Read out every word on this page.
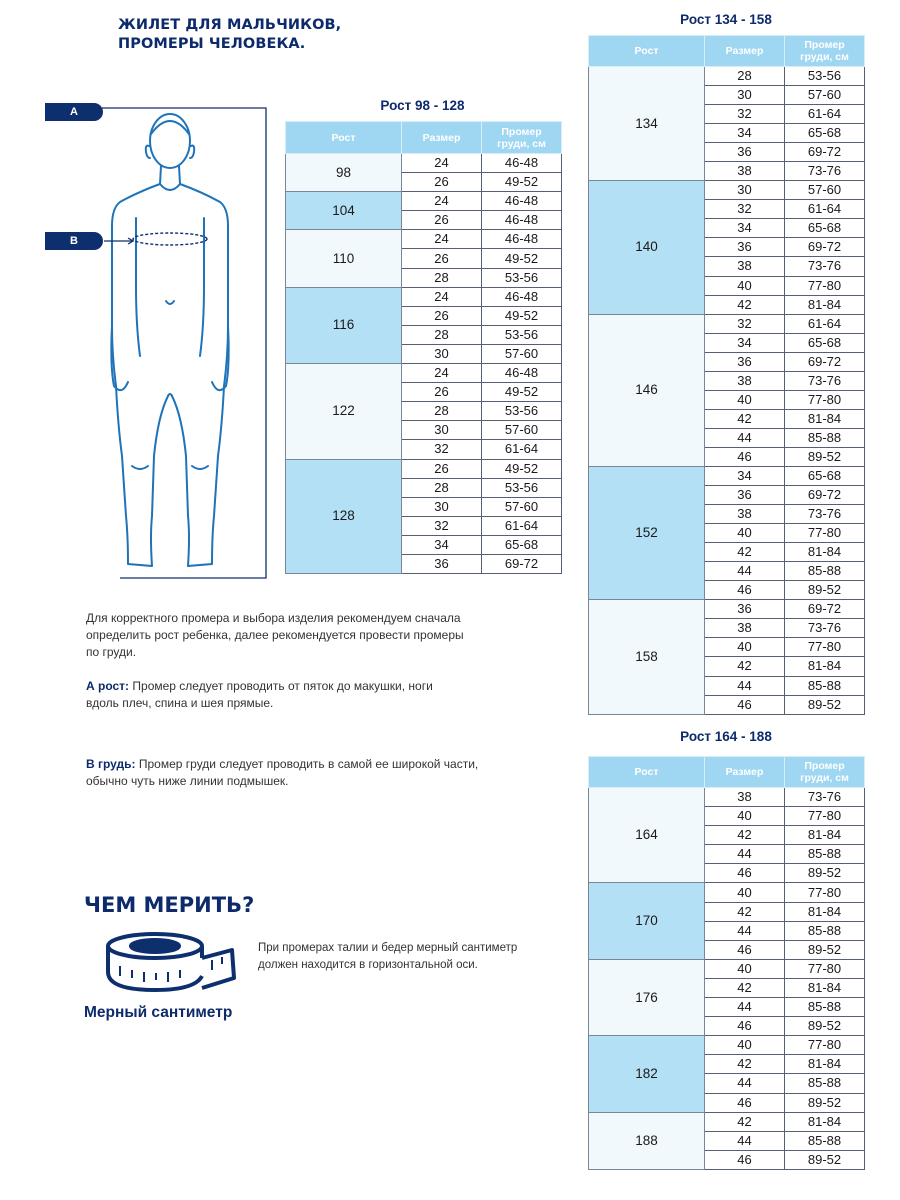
ЖИЛЕТ ДЛЯ МАЛЬЧИКОВ,
ПРОМЕРЫ ЧЕЛОВЕКА.
A
B
Рост 98 - 128
Рост 134 - 158
Рост 164 - 188
Рост	Размер	Промер
груди, см

98	24	46-48
	26	49-52
104	24	46-48
	26	46-48
110	24	46-48
	26	49-52
	28	53-56
116	24	46-48
	26	49-52
	28	53-56
	30	57-60
122	24	46-48
	26	49-52
	28	53-56
	30	57-60
	32	61-64
128	26	49-52
	28	53-56
	30	57-60
	32	61-64
	34	65-68
	36	69-72
Рост	Размер	Промер
груди, см

134	28	53-56
	30	57-60
	32	61-64
	34	65-68
	36	69-72
	38	73-76
140	30	57-60
	32	61-64
	34	65-68
	36	69-72
	38	73-76
	40	77-80
	42	81-84
146	32	61-64
	34	65-68
	36	69-72
	38	73-76
	40	77-80
	42	81-84
	44	85-88
	46	89-52
152	34	65-68
	36	69-72
	38	73-76
	40	77-80
	42	81-84
	44	85-88
	46	89-52
158	36	69-72
	38	73-76
	40	77-80
	42	81-84
	44	85-88
	46	89-52
Рост	Размер	Промер
груди, см

164	38	73-76
	40	77-80
	42	81-84
	44	85-88
	46	89-52
170	40	77-80
	42	81-84
	44	85-88
	46	89-52
176	40	77-80
	42	81-84
	44	85-88
	46	89-52
182	40	77-80
	42	81-84
	44	85-88
	46	89-52
188	42	81-84
	44	85-88
	46	89-52
Для корректного промера и выбора изделия рекомендуем сначала
определить рост ребенка, далее рекомендуется провести промеры
по груди.
А рост: Промер следует проводить от пяток до макушки, ноги
вдоль плеч, спина и шея прямые.
В грудь: Промер груди следует проводить в самой ее широкой части,
обычно чуть ниже линии подмышек.
ЧЕМ МЕРИТЬ?
Мерный сантиметр
При промерах талии и бедер мерный сантиметр
должен находится в горизонтальной оси.
